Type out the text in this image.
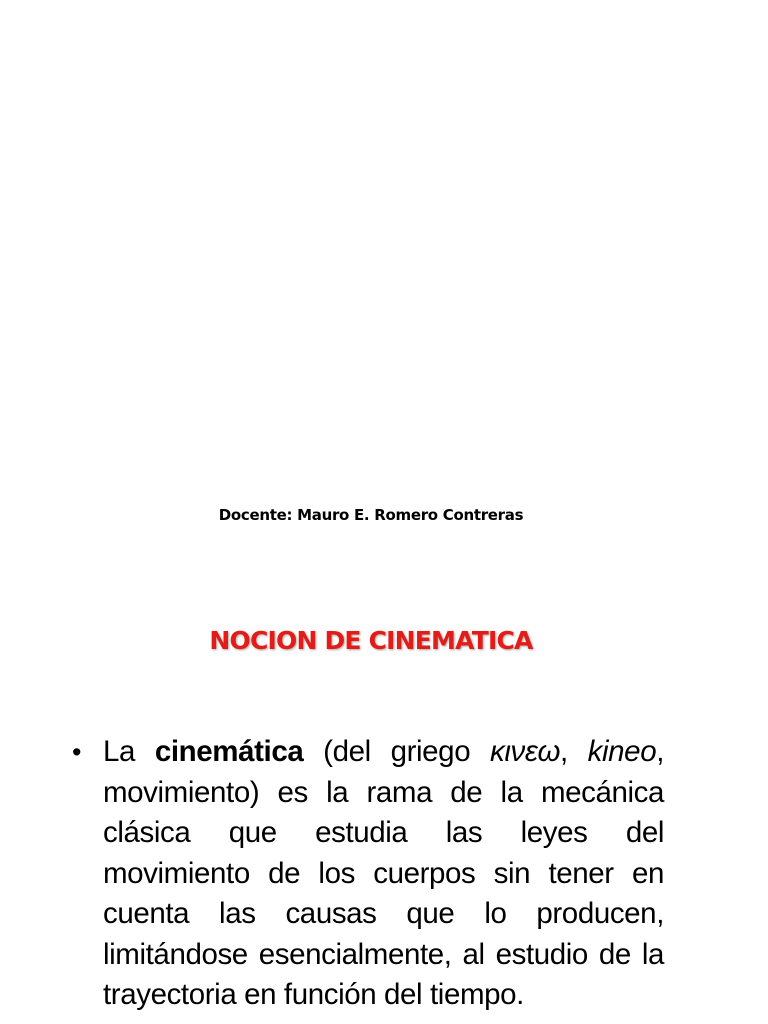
Docente: Mauro E. Romero Contreras
NOCION DE CINEMATICA
• La cinemática (del griego κινεω, kineo, movimiento) es la rama de la mecánica clásica que estudia las leyes del movimiento de los cuerpos sin tener en cuenta las causas que lo producen, limitándose esencialmente, al estudio de la trayectoria en función del tiempo.
